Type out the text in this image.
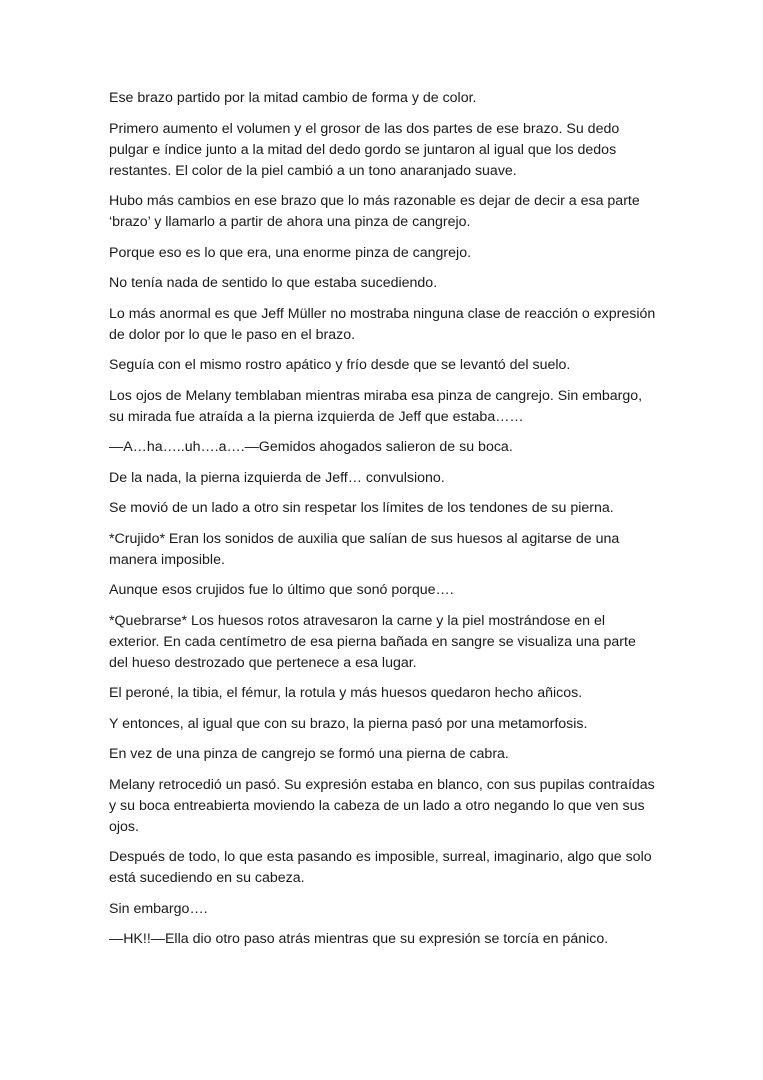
Ese brazo partido por la mitad cambio de forma y de color.

Primero aumento el volumen y el grosor de las dos partes de ese brazo. Su dedo pulgar e índice junto a la mitad del dedo gordo se juntaron al igual que los dedos restantes. El color de la piel cambió a un tono anaranjado suave.

Hubo más cambios en ese brazo que lo más razonable es dejar de decir a esa parte ‘brazo’ y llamarlo a partir de ahora una pinza de cangrejo.

Porque eso es lo que era, una enorme pinza de cangrejo.

No tenía nada de sentido lo que estaba sucediendo.

Lo más anormal es que Jeff Müller no mostraba ninguna clase de reacción o expresión de dolor por lo que le paso en el brazo.

Seguía con el mismo rostro apático y frío desde que se levantó del suelo.

Los ojos de Melany temblaban mientras miraba esa pinza de cangrejo. Sin embargo, su mirada fue atraída a la pierna izquierda de Jeff que estaba……

—A…ha…..uh….a….—Gemidos ahogados salieron de su boca.

De la nada, la pierna izquierda de Jeff… convulsiono.

Se movió de un lado a otro sin respetar los límites de los tendones de su pierna.

*Crujido* Eran los sonidos de auxilia que salían de sus huesos al agitarse de una manera imposible.

Aunque esos crujidos fue lo último que sonó porque….

*Quebrarse* Los huesos rotos atravesaron la carne y la piel mostrándose en el exterior. En cada centímetro de esa pierna bañada en sangre se visualiza una parte del hueso destrozado que pertenece a esa lugar.

El peroné, la tibia, el fémur, la rotula y más huesos quedaron hecho añicos.

Y entonces, al igual que con su brazo, la pierna pasó por una metamorfosis.

En vez de una pinza de cangrejo se formó una pierna de cabra.

Melany retrocedió un pasó. Su expresión estaba en blanco, con sus pupilas contraídas y su boca entreabierta moviendo la cabeza de un lado a otro negando lo que ven sus ojos.

Después de todo, lo que esta pasando es imposible, surreal, imaginario, algo que solo está sucediendo en su cabeza.

Sin embargo….

—HK!!—Ella dio otro paso atrás mientras que su expresión se torcía en pánico.
